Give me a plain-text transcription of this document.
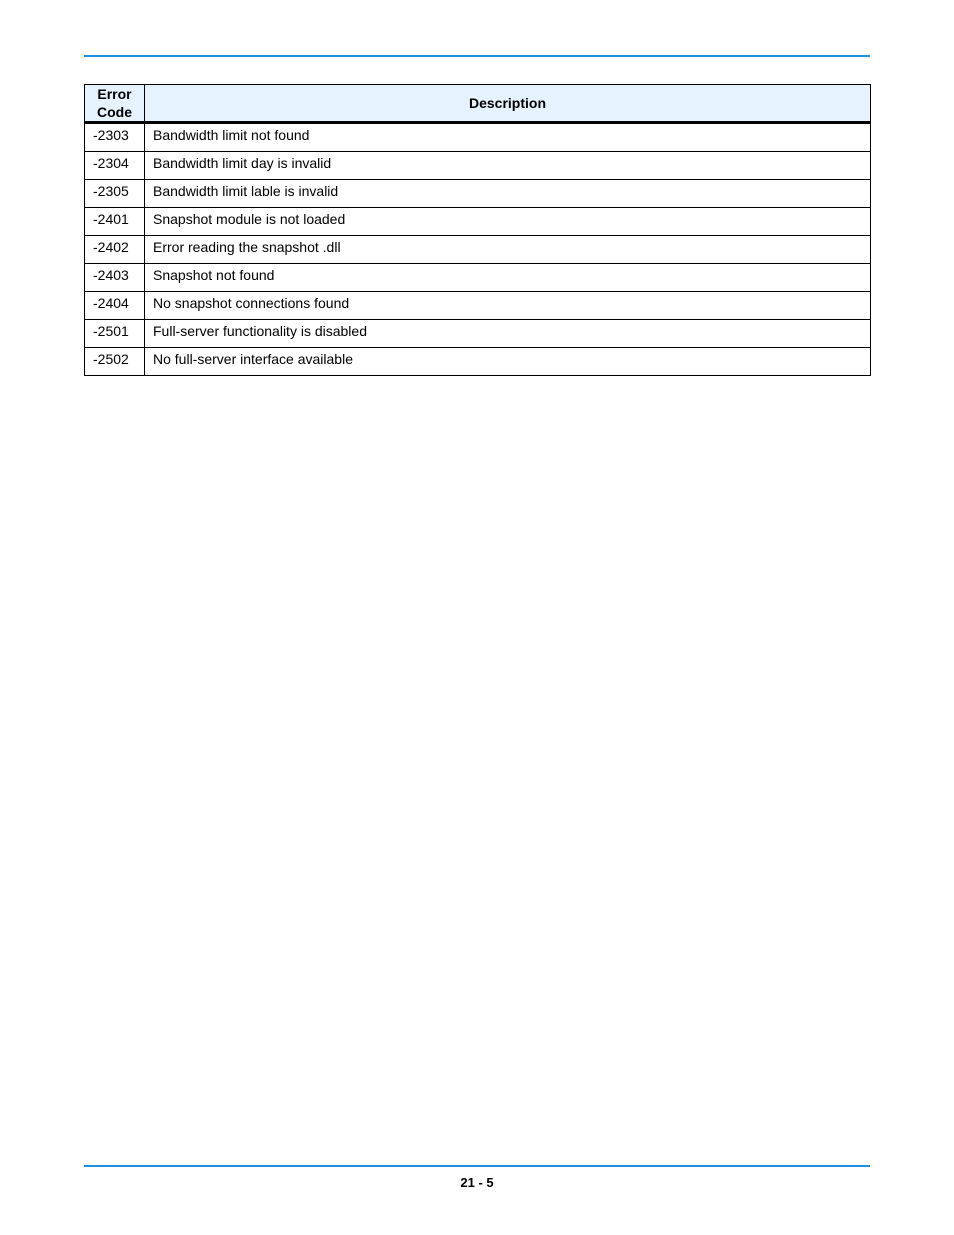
Error Code	Description
-2303	Bandwidth limit not found
-2304	Bandwidth limit day is invalid
-2305	Bandwidth limit lable is invalid
-2401	Snapshot module is not loaded
-2402	Error reading the snapshot .dll
-2403	Snapshot not found
-2404	No snapshot connections found
-2501	Full-server functionality is disabled
-2502	No full-server interface available
21 - 5
